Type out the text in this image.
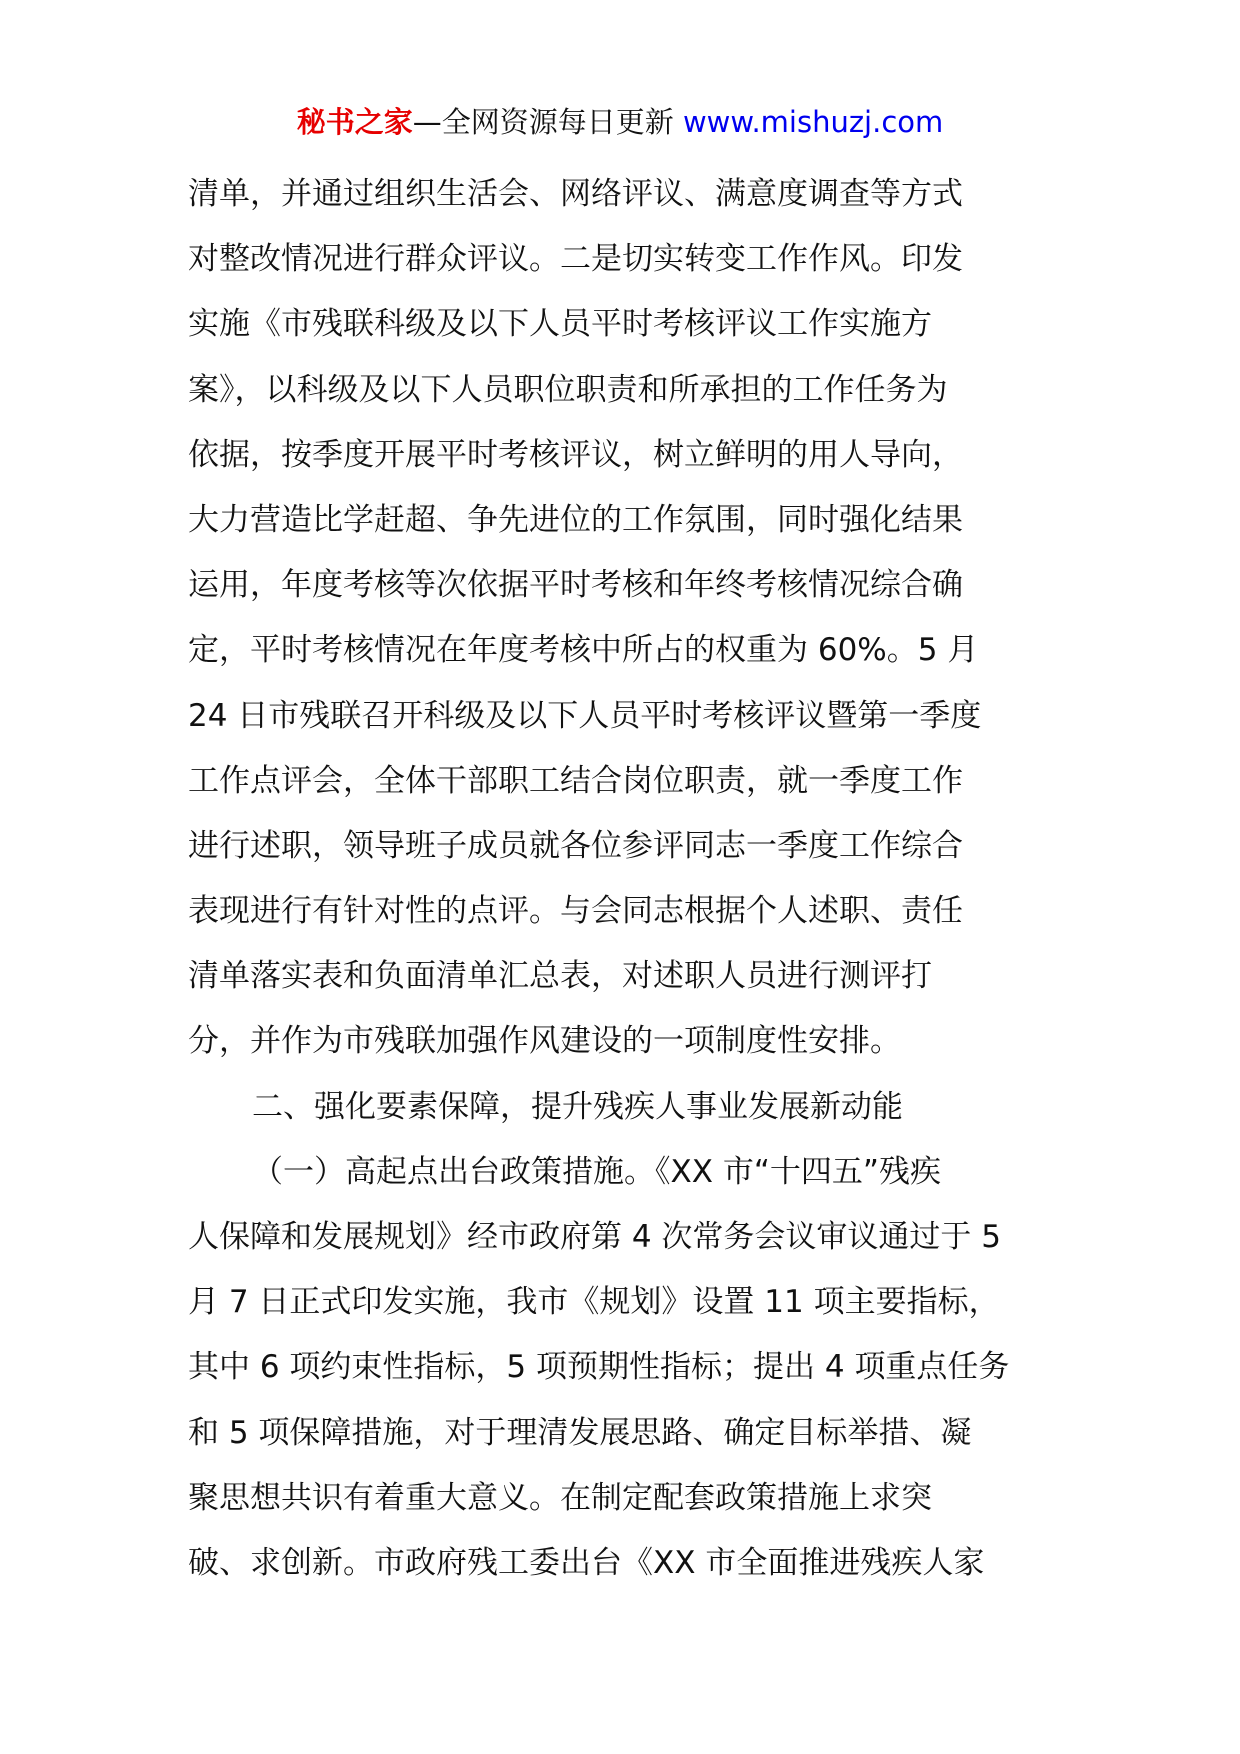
秘书之家—全网资源每日更新 www.mishuzj.com
清单，并通过组织生活会、网络评议、满意度调查等方式
对整改情况进行群众评议。二是切实转变工作作风。印发
实施《市残联科级及以下人员平时考核评议工作实施方
案》，以科级及以下人员职位职责和所承担的工作任务为
依据，按季度开展平时考核评议，树立鲜明的用人导向，
大力营造比学赶超、争先进位的工作氛围，同时强化结果
运用，年度考核等次依据平时考核和年终考核情况综合确
定，平时考核情况在年度考核中所占的权重为 60%。5 月
24 日市残联召开科级及以下人员平时考核评议暨第一季度
工作点评会，全体干部职工结合岗位职责，就一季度工作
进行述职，领导班子成员就各位参评同志一季度工作综合
表现进行有针对性的点评。与会同志根据个人述职、责任
清单落实表和负面清单汇总表，对述职人员进行测评打
分，并作为市残联加强作风建设的一项制度性安排。
二、强化要素保障，提升残疾人事业发展新动能
（一）高起点出台政策措施。《XX 市“十四五”残疾
人保障和发展规划》经市政府第 4 次常务会议审议通过于 5
月 7 日正式印发实施，我市《规划》设置 11 项主要指标，
其中 6 项约束性指标，5 项预期性指标；提出 4 项重点任务
和 5 项保障措施，对于理清发展思路、确定目标举措、凝
聚思想共识有着重大意义。在制定配套政策措施上求突
破、求创新。市政府残工委出台《XX 市全面推进残疾人家
